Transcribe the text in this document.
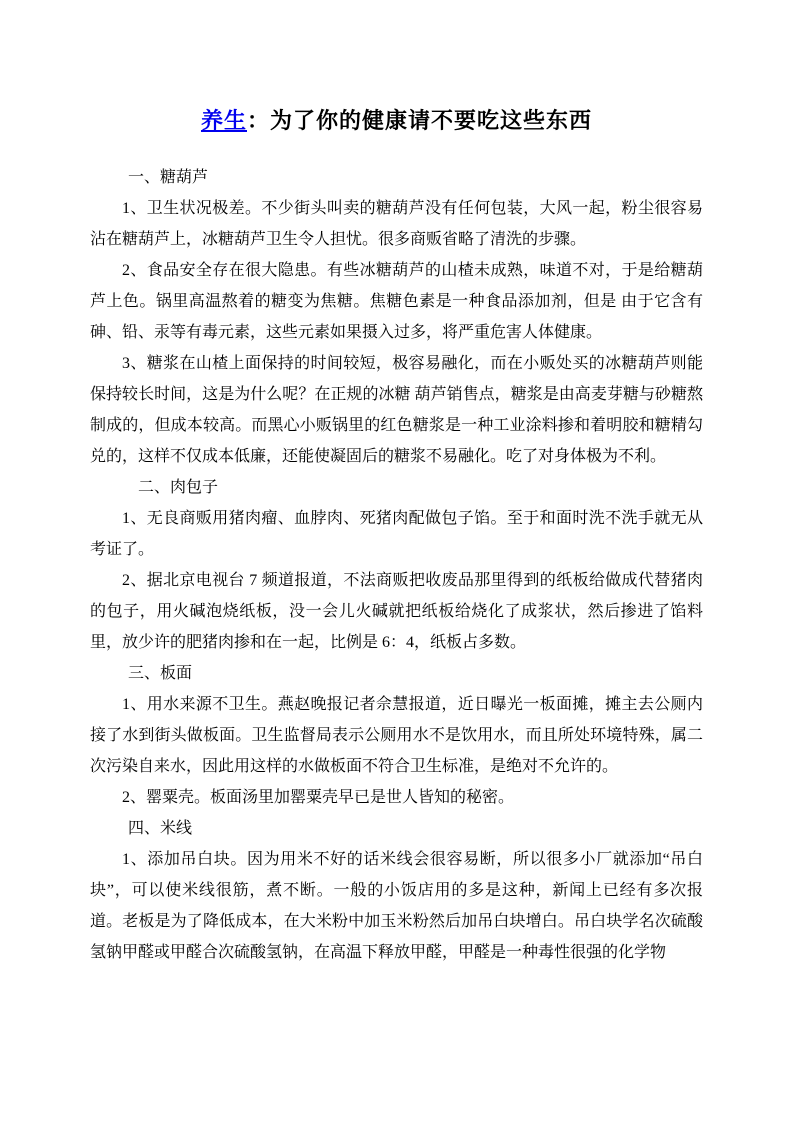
养生：为了你的健康请不要吃这些东西

一、糖葫芦

1、卫生状况极差。不少街头叫卖的糖葫芦没有任何包装，大风一起，粉尘很容易沾在糖葫芦上，冰糖葫芦卫生令人担忧。很多商贩省略了清洗的步骤。

2、食品安全存在很大隐患。有些冰糖葫芦的山楂未成熟，味道不对，于是给糖葫芦上色。锅里高温熬着的糖变为焦糖。焦糖色素是一种食品添加剂，但是 由于它含有砷、铅、汞等有毒元素，这些元素如果摄入过多，将严重危害人体健康。

3、糖浆在山楂上面保持的时间较短，极容易融化，而在小贩处买的冰糖葫芦则能保持较长时间，这是为什么呢？在正规的冰糖 葫芦销售点，糖浆是由高麦芽糖与砂糖熬制成的，但成本较高。而黑心小贩锅里的红色糖浆是一种工业涂料掺和着明胶和糖精勾兑的，这样不仅成本低廉，还能使凝固后的糖浆不易融化。吃了对身体极为不利。

二、肉包子

1、无良商贩用猪肉瘤、血脖肉、死猪肉配做包子馅。至于和面时洗不洗手就无从考证了。

2、据北京电视台 7 频道报道，不法商贩把收废品那里得到的纸板给做成代替猪肉的包子，用火碱泡烧纸板，没一会儿火碱就把纸板给烧化了成浆状，然后掺进了馅料里，放少许的肥猪肉掺和在一起，比例是 6：4，纸板占多数。

三、板面

1、用水来源不卫生。燕赵晚报记者佘慧报道，近日曝光一板面摊，摊主去公厕内接了水到街头做板面。卫生监督局表示公厕用水不是饮用水，而且所处环境特殊，属二次污染自来水，因此用这样的水做板面不符合卫生标准，是绝对不允许的。

2、罂粟壳。板面汤里加罂粟壳早已是世人皆知的秘密。

四、米线

1、添加吊白块。因为用米不好的话米线会很容易断，所以很多小厂就添加“吊白块”，可以使米线很筋，煮不断。一般的小饭店用的多是这种，新闻上已经有多次报道。老板是为了降低成本，在大米粉中加玉米粉然后加吊白块增白。吊白块学名次硫酸氢钠甲醛或甲醛合次硫酸氢钠，在高温下释放甲醛，甲醛是一种毒性很强的化学物
